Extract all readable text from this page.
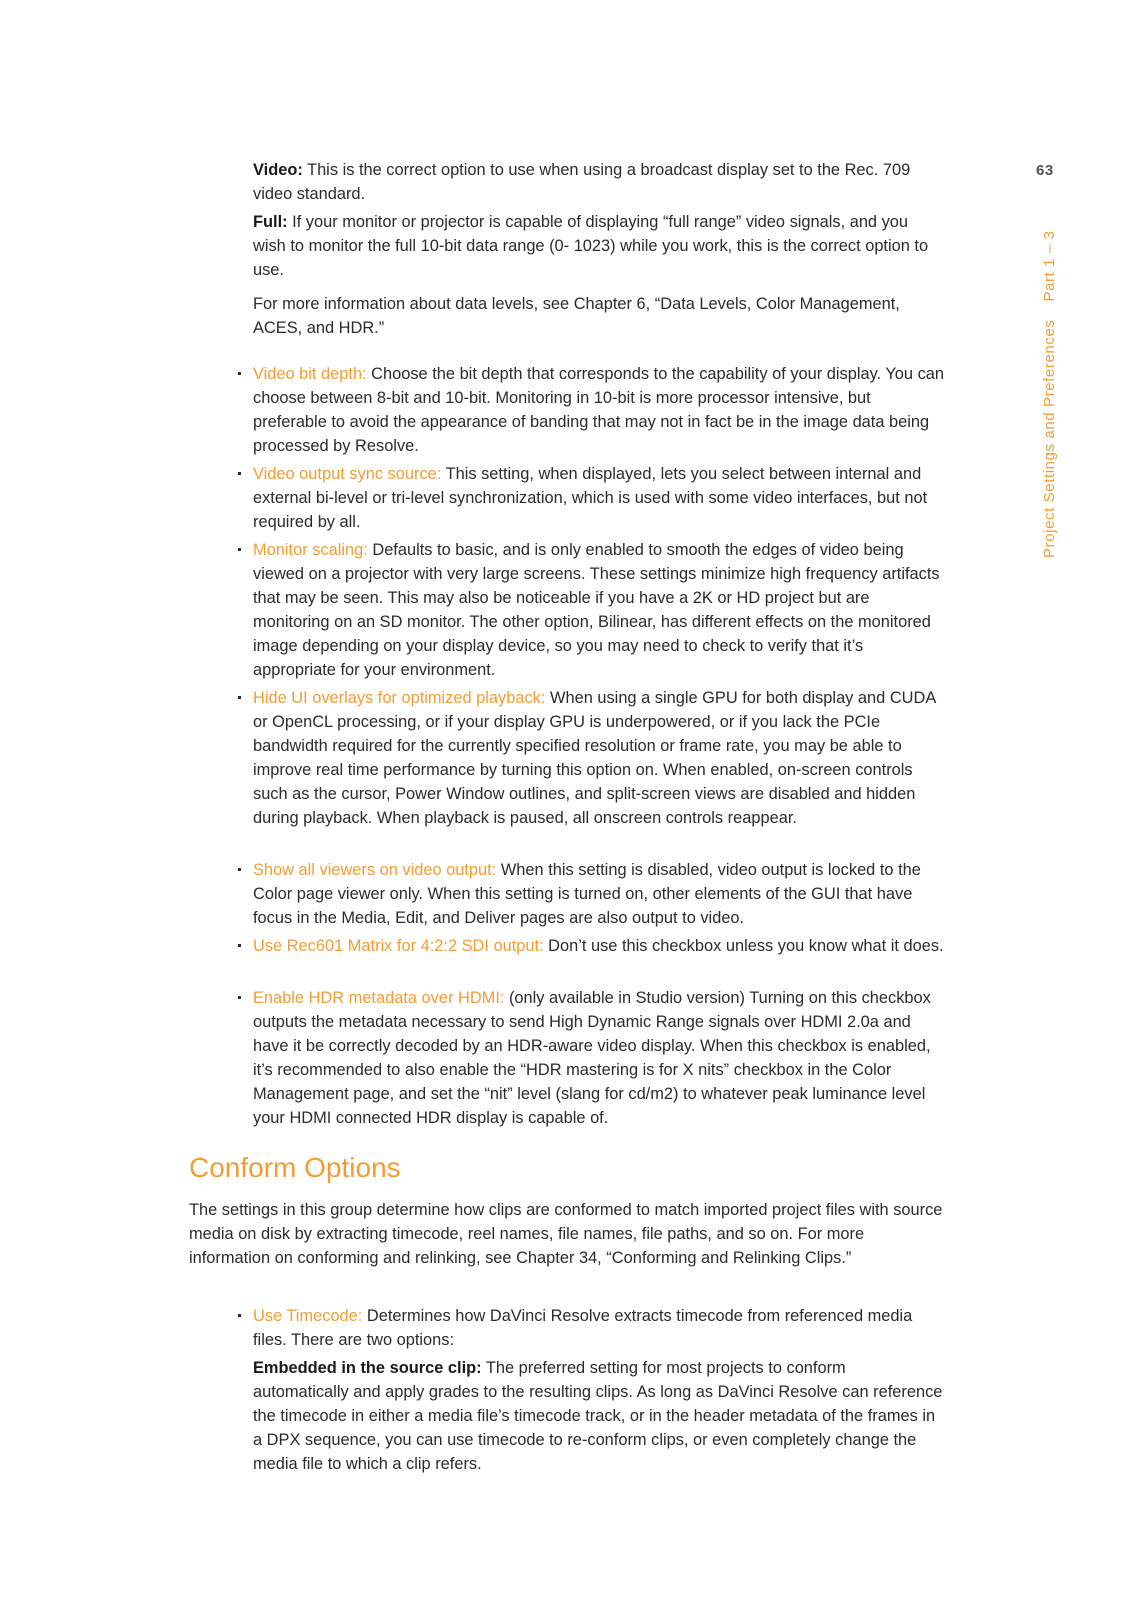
63
Project Settings and PreferencesPart 1 – 3

Video: This is the correct option to use when using a broadcast display set to the Rec. 709 video standard.

Full: If your monitor or projector is capable of displaying “full range” video signals, and you wish to monitor the full 10-bit data range (0- 1023) while you work, this is the correct option to use.

For more information about data levels, see Chapter 6, “Data Levels, Color Management, ACES, and HDR.”

Video bit depth: Choose the bit depth that corresponds to the capability of your display. You can choose between 8-bit and 10-bit. Monitoring in 10-bit is more processor intensive, but preferable to avoid the appearance of banding that may not in fact be in the image data being processed by Resolve.
Video output sync source: This setting, when displayed, lets you select between internal and external bi-level or tri-level synchronization, which is used with some video interfaces, but not required by all.
Monitor scaling: Defaults to basic, and is only enabled to smooth the edges of video being viewed on a projector with very large screens. These settings minimize high frequency artifacts that may be seen. This may also be noticeable if you have a 2K or HD project but are monitoring on an SD monitor. The other option, Bilinear, has different effects on the monitored image depending on your display device, so you may need to check to verify that it’s appropriate for your environment.
Hide UI overlays for optimized playback: When using a single GPU for both display and CUDA or OpenCL processing, or if your display GPU is underpowered, or if you lack the PCIe bandwidth required for the currently specified resolution or frame rate, you may be able to improve real time performance by turning this option on. When enabled, on-screen controls such as the cursor, Power Window outlines, and split-screen views are disabled and hidden during playback. When playback is paused, all onscreen controls reappear.
Show all viewers on video output: When this setting is disabled, video output is locked to the Color page viewer only. When this setting is turned on, other elements of the GUI that have focus in the Media, Edit, and Deliver pages are also output to video.
Use Rec601 Matrix for 4:2:2 SDI output: Don’t use this checkbox unless you know what it does.
Enable HDR metadata over HDMI: (only available in Studio version) Turning on this checkbox outputs the metadata necessary to send High Dynamic Range signals over HDMI 2.0a and have it be correctly decoded by an HDR-aware video display. When this checkbox is enabled, it’s recommended to also enable the “HDR mastering is for X nits” checkbox in the Color Management page, and set the “nit” level (slang for cd/m2) to whatever peak luminance level your HDMI connected HDR display is capable of.
Conform Options

The settings in this group determine how clips are conformed to match imported project files with source media on disk by extracting timecode, reel names, file names, file paths, and so on. For more information on conforming and relinking, see Chapter 34, “Conforming and Relinking Clips.”

Use Timecode: Determines how DaVinci Resolve extracts timecode from referenced media files. There are two options:

Embedded in the source clip: The preferred setting for most projects to conform automatically and apply grades to the resulting clips. As long as DaVinci Resolve can reference the timecode in either a media file’s timecode track, or in the header metadata of the frames in a DPX sequence, you can use timecode to re-conform clips, or even completely change the media file to which a clip refers.
